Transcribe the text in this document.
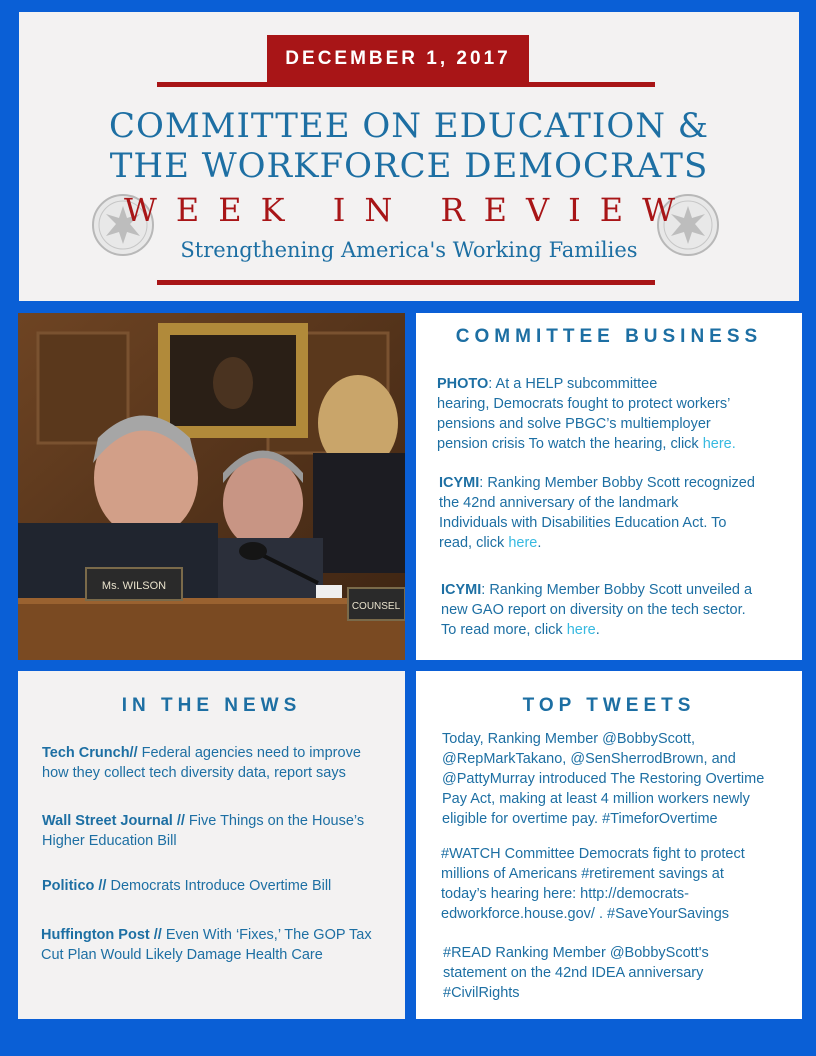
DECEMBER 1, 2017
COMMITTEE ON EDUCATION &
THE WORKFORCE DEMOCRATS
WEEK IN REVIEW
Strengthening America's Working Families
Ms. WILSON
COUNSEL
COMMITTEE BUSINESS
PHOTO: At a HELP subcommittee
hearing, Democrats fought to protect workers’
pensions and solve PBGC’s multiemployer
pension crisis To watch the hearing, click here.
ICYMI: Ranking Member Bobby Scott recognized
the 42nd anniversary of the landmark
Individuals with Disabilities Education Act. To
read, click here.
ICYMI: Ranking Member Bobby Scott unveiled a
new GAO report on diversity on the tech sector.
To read more, click here.
IN THE NEWS
Tech Crunch// Federal agencies need to improve
how they collect tech diversity data, report says
Wall Street Journal // Five Things on the House’s
Higher Education Bill
Politico // Democrats Introduce Overtime Bill
Huffington Post // Even With ‘Fixes,’ The GOP Tax
Cut Plan Would Likely Damage Health Care
TOP TWEETS
Today, Ranking Member @BobbyScott,
@RepMarkTakano, @SenSherrodBrown, and
@PattyMurray introduced The Restoring Overtime
Pay Act, making at least 4 million workers newly
eligible for overtime pay. #TimeforOvertime
#WATCH Committee Democrats fight to protect
millions of Americans #retirement savings at
today’s hearing here: http://democrats-
edworkforce.house.gov/ . #SaveYourSavings
#READ Ranking Member @BobbyScott's
statement on the 42nd IDEA anniversary
#CivilRights
